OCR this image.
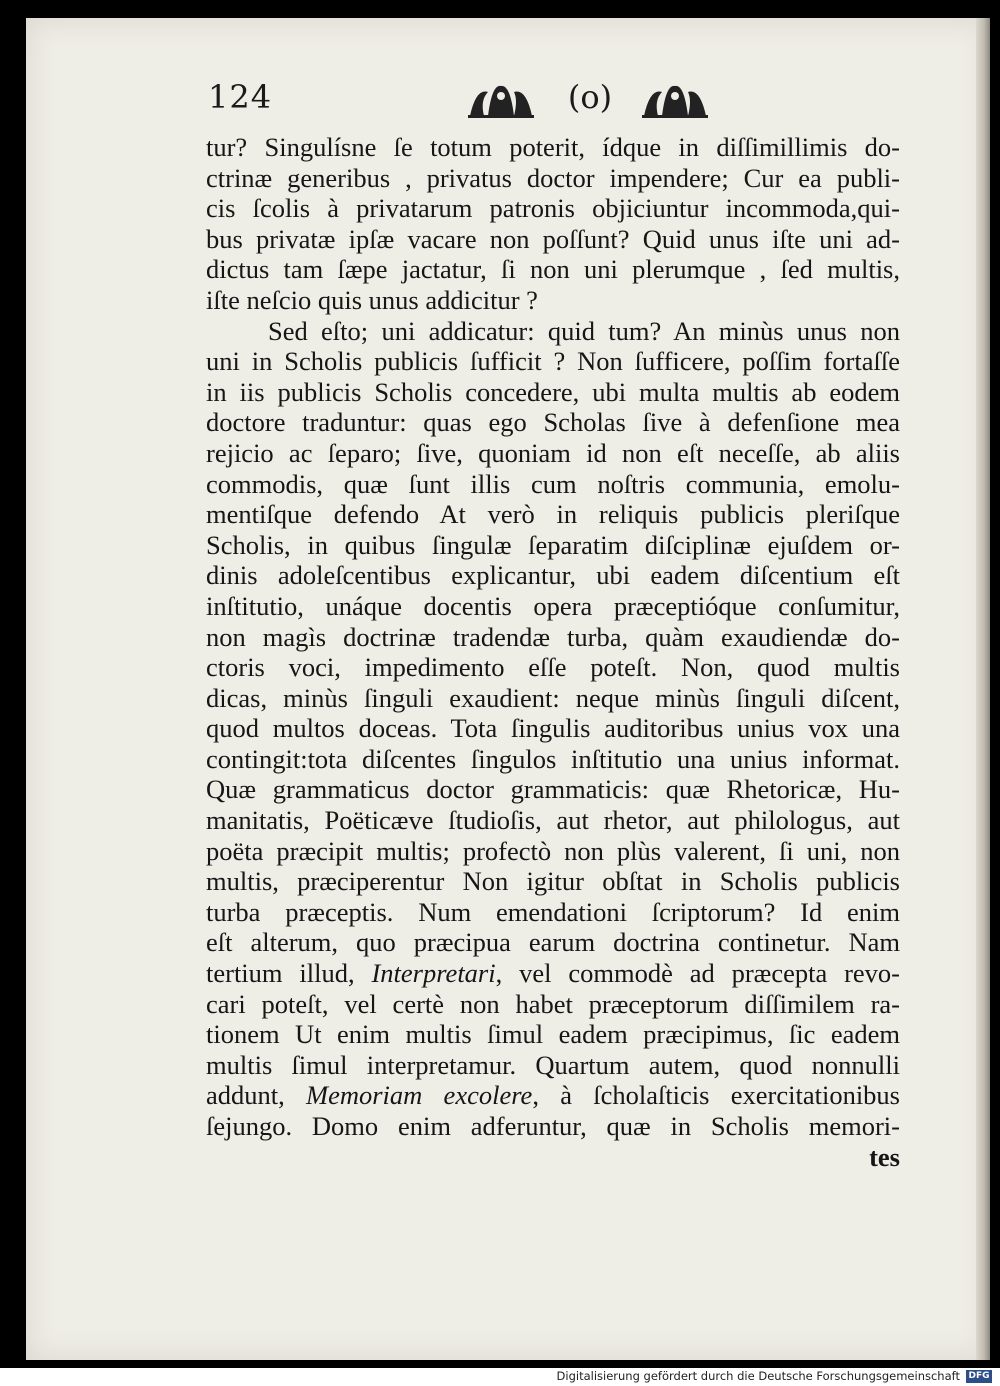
124	(o)
tur? Singulísne ſe totum poterit, ídque in diſſimillimis do-
ctrinæ generibus , privatus doctor impendere; Cur ea publi-
cis ſcolis à privatarum patronis objiciuntur incommoda,qui-
bus privatæ ipſæ vacare non poſſunt? Quid unus iſte uni ad-
dictus tam ſæpe jactatur, ſi non uni plerumque , ſed multis,
iſte neſcio quis unus addicitur ?
Sed eſto; uni addicatur: quid tum? An minùs unus non
uni in Scholis publicis ſufficit ? Non ſufficere, poſſim fortaſſe
in iis publicis Scholis concedere, ubi multa multis ab eodem
doctore traduntur: quas ego Scholas ſive à defenſione mea
rejicio ac ſeparo; ſive, quoniam id non eſt neceſſe, ab aliis
commodis, quæ ſunt illis cum noſtris communia, emolu-
mentiſque defendo At verò in reliquis publicis pleriſque
Scholis, in quibus ſingulæ ſeparatim diſciplinæ ejuſdem or-
dinis adoleſcentibus explicantur, ubi eadem diſcentium eſt
inſtitutio, unáque docentis opera præceptióque conſumitur,
non magìs doctrinæ tradendæ turba, quàm exaudiendæ do-
ctoris voci, impedimento eſſe poteſt. Non, quod multis
dicas, minùs ſinguli exaudient: neque minùs ſinguli diſcent,
quod multos doceas. Tota ſingulis auditoribus unius vox una
contingit:tota diſcentes ſingulos inſtitutio una unius informat.
Quæ grammaticus doctor grammaticis: quæ Rhetoricæ, Hu-
manitatis, Poëticæve ſtudioſis, aut rhetor, aut philologus, aut
poëta præcipit multis; profectò non plùs valerent, ſi uni, non
multis, præciperentur Non igitur obſtat in Scholis publicis
turba præceptis. Num emendationi ſcriptorum? Id enim
eſt alterum, quo præcipua earum doctrina continetur. Nam
tertium illud, Interpretari, vel commodè ad præcepta revo-
cari poteſt, vel certè non habet præceptorum diſſimilem ra-
tionem Ut enim multis ſimul eadem præcipimus, ſic eadem
multis ſimul interpretamur. Quartum autem, quod nonnulli
addunt, Memoriam excolere, à ſcholaſticis exercitationibus
ſejungo. Domo enim adferuntur, quæ in Scholis memori-
tes
Digitalisierung gefördert durch die Deutsche Forschungsgemeinschaft DFG
